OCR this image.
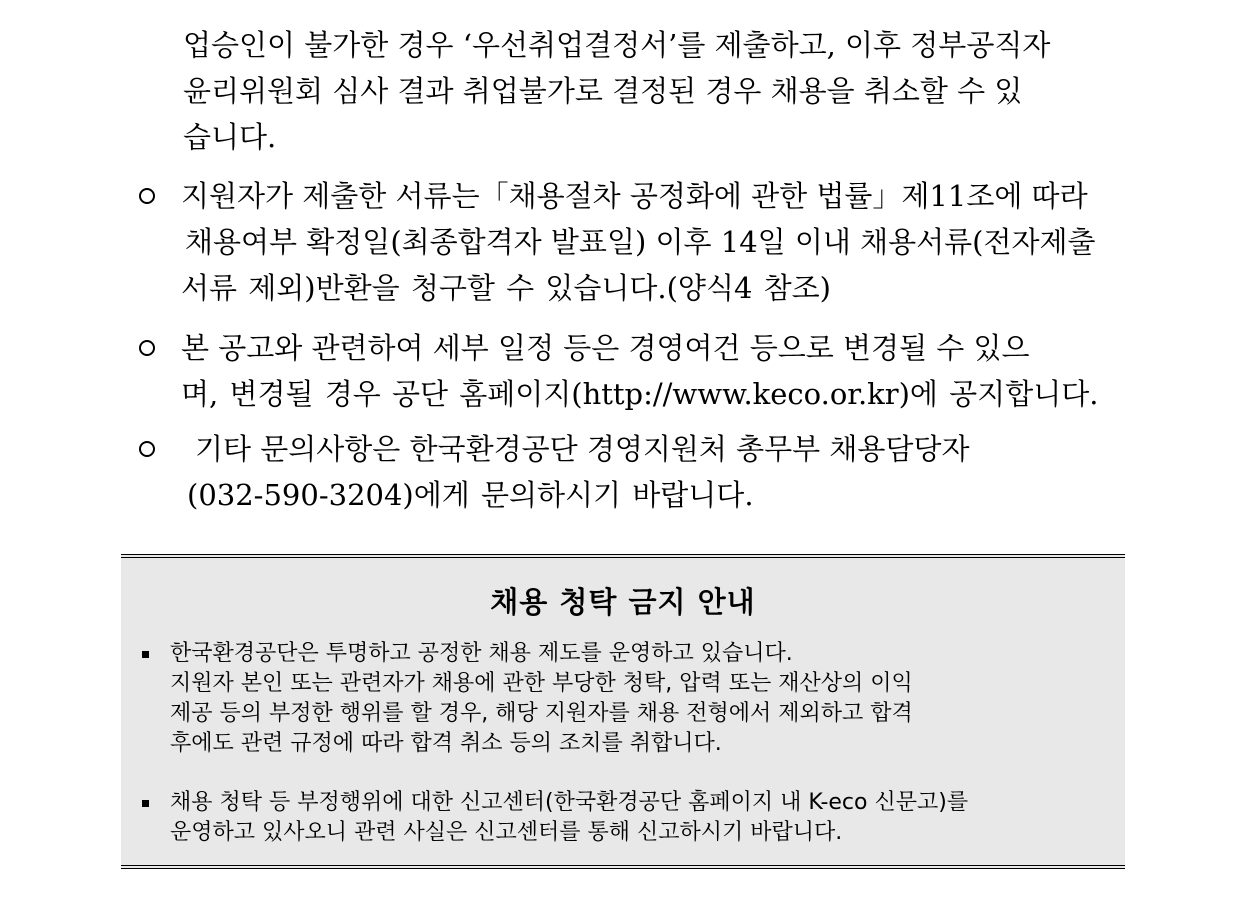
업승인이 불가한 경우 ‘우선취업결정서’를 제출하고, 이후 정부공직자
윤리위원회 심사 결과 취업불가로 결정된 경우 채용을 취소할 수 있
습니다.
지원자가 제출한 서류는「채용절차 공정화에 관한 법률」제11조에 따라
채용여부 확정일(최종합격자 발표일) 이후 14일 이내 채용서류(전자제출
서류 제외)반환을 청구할 수 있습니다.(양식4 참조)
본 공고와 관련하여 세부 일정 등은 경영여건 등으로 변경될 수 있으
며, 변경될 경우 공단 홈페이지(http://www.keco.or.kr)에 공지합니다.
기타 문의사항은 한국환경공단 경영지원처 총무부 채용담당자
(032-590-3204)에게 문의하시기 바랍니다.
채용 청탁 금지 안내
한국환경공단은 투명하고 공정한 채용 제도를 운영하고 있습니다.
지원자 본인 또는 관련자가 채용에 관한 부당한 청탁, 압력 또는 재산상의 이익
제공 등의 부정한 행위를 할 경우, 해당 지원자를 채용 전형에서 제외하고 합격
후에도 관련 규정에 따라 합격 취소 등의 조치를 취합니다.
채용 청탁 등 부정행위에 대한 신고센터(한국환경공단 홈페이지 내 K-eco 신문고)를
운영하고 있사오니 관련 사실은 신고센터를 통해 신고하시기 바랍니다.
